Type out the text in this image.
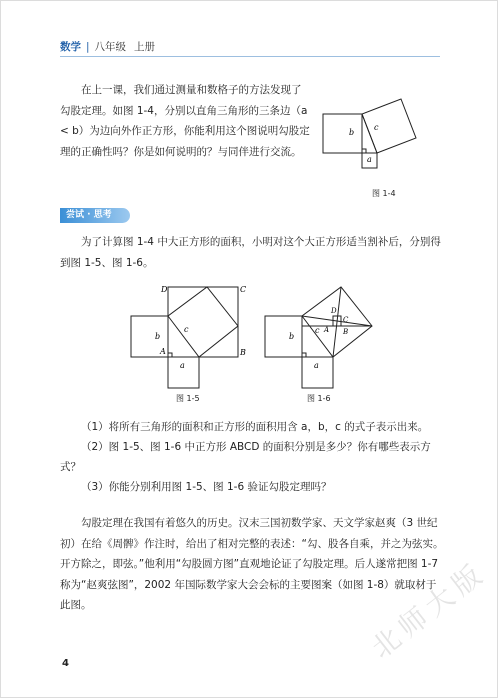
数学 | 八年级 上册

在上一课，我们通过测量和数格子的方法发现了勾股定理。如图 1-4，分别以直角三角形的三条边（a < b）为边向外作正方形，你能利用这个图说明勾股定理的正确性吗？你是如何说明的？与同伴进行交流。

b
c
a
图 1-4
尝试 · 思考

为了计算图 1-4 中大正方形的面积，小明对这个大正方形适当割补后，分别得到图 1-5、图 1-6。

D	C
A	B
b
c
a
图 1-5
D
C
A B
b
c
a
图 1-6

（1）将所有三角形的面积和正方形的面积用含 a，b，c 的式子表示出来。

（2）图 1-5、图 1-6 中正方形 ABCD 的面积分别是多少？你有哪些表示方式？

（3）你能分别利用图 1-5、图 1-6 验证勾股定理吗？

勾股定理在我国有着悠久的历史。汉末三国初数学家、天文学家赵爽（3 世纪初）在给《周髀》作注时，给出了相对完整的表述：“勾、股各自乘，并之为弦实。开方除之，即弦。”他利用“勾股圆方图”直观地论证了勾股定理。后人遂常把图 1-7 称为“赵爽弦图”，2002 年国际数学家大会会标的主要图案（如图 1-8）就取材于此图。

4	北师大版
